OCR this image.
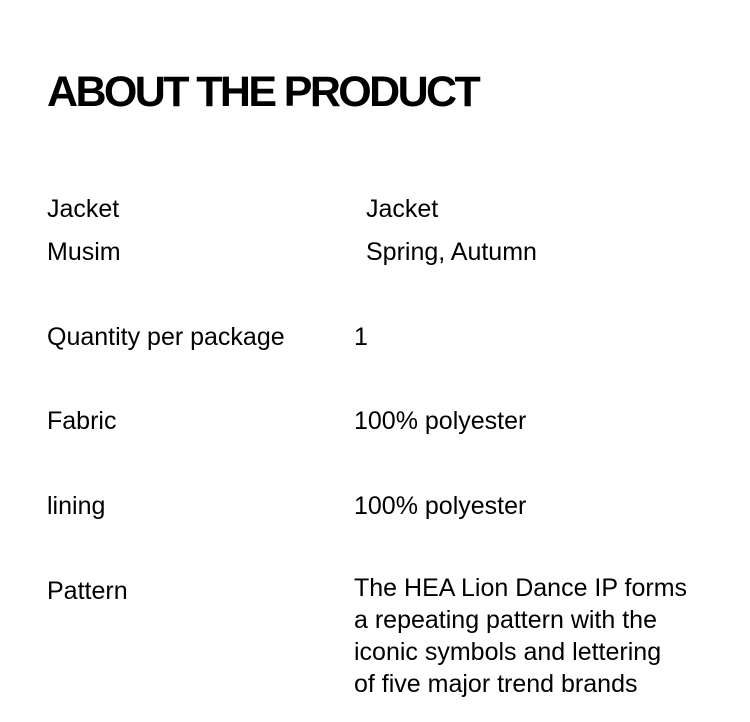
ABOUT THE PRODUCT
Jacket	Jacket
Musim	Spring, Autumn
Quantity per package	1
Fabric	100% polyester
lining	100% polyester
Pattern	The HEA Lion Dance IP forms
a repeating pattern with the
iconic symbols and lettering
of five major trend brands
